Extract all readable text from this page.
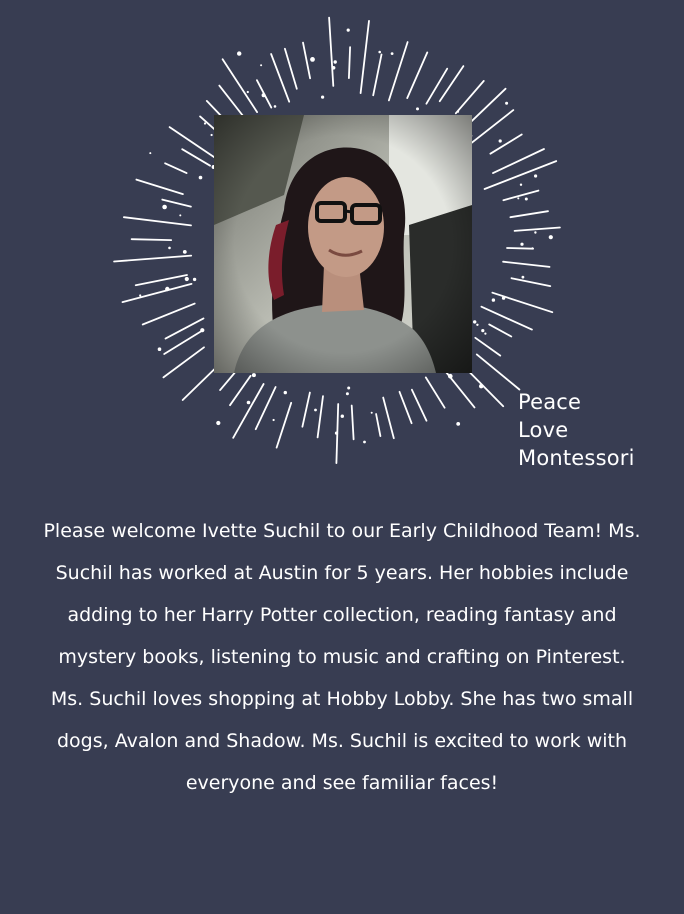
Peace
Love
Montessori
Please welcome Ivette Suchil to our Early Childhood Team! Ms. Suchil has worked at Austin for 5 years. Her hobbies include adding to her Harry Potter collection, reading fantasy and mystery books, listening to music and crafting on Pinterest. Ms. Suchil loves shopping at Hobby Lobby. She has two small dogs, Avalon and Shadow. Ms. Suchil is excited to work with everyone and see familiar faces!
